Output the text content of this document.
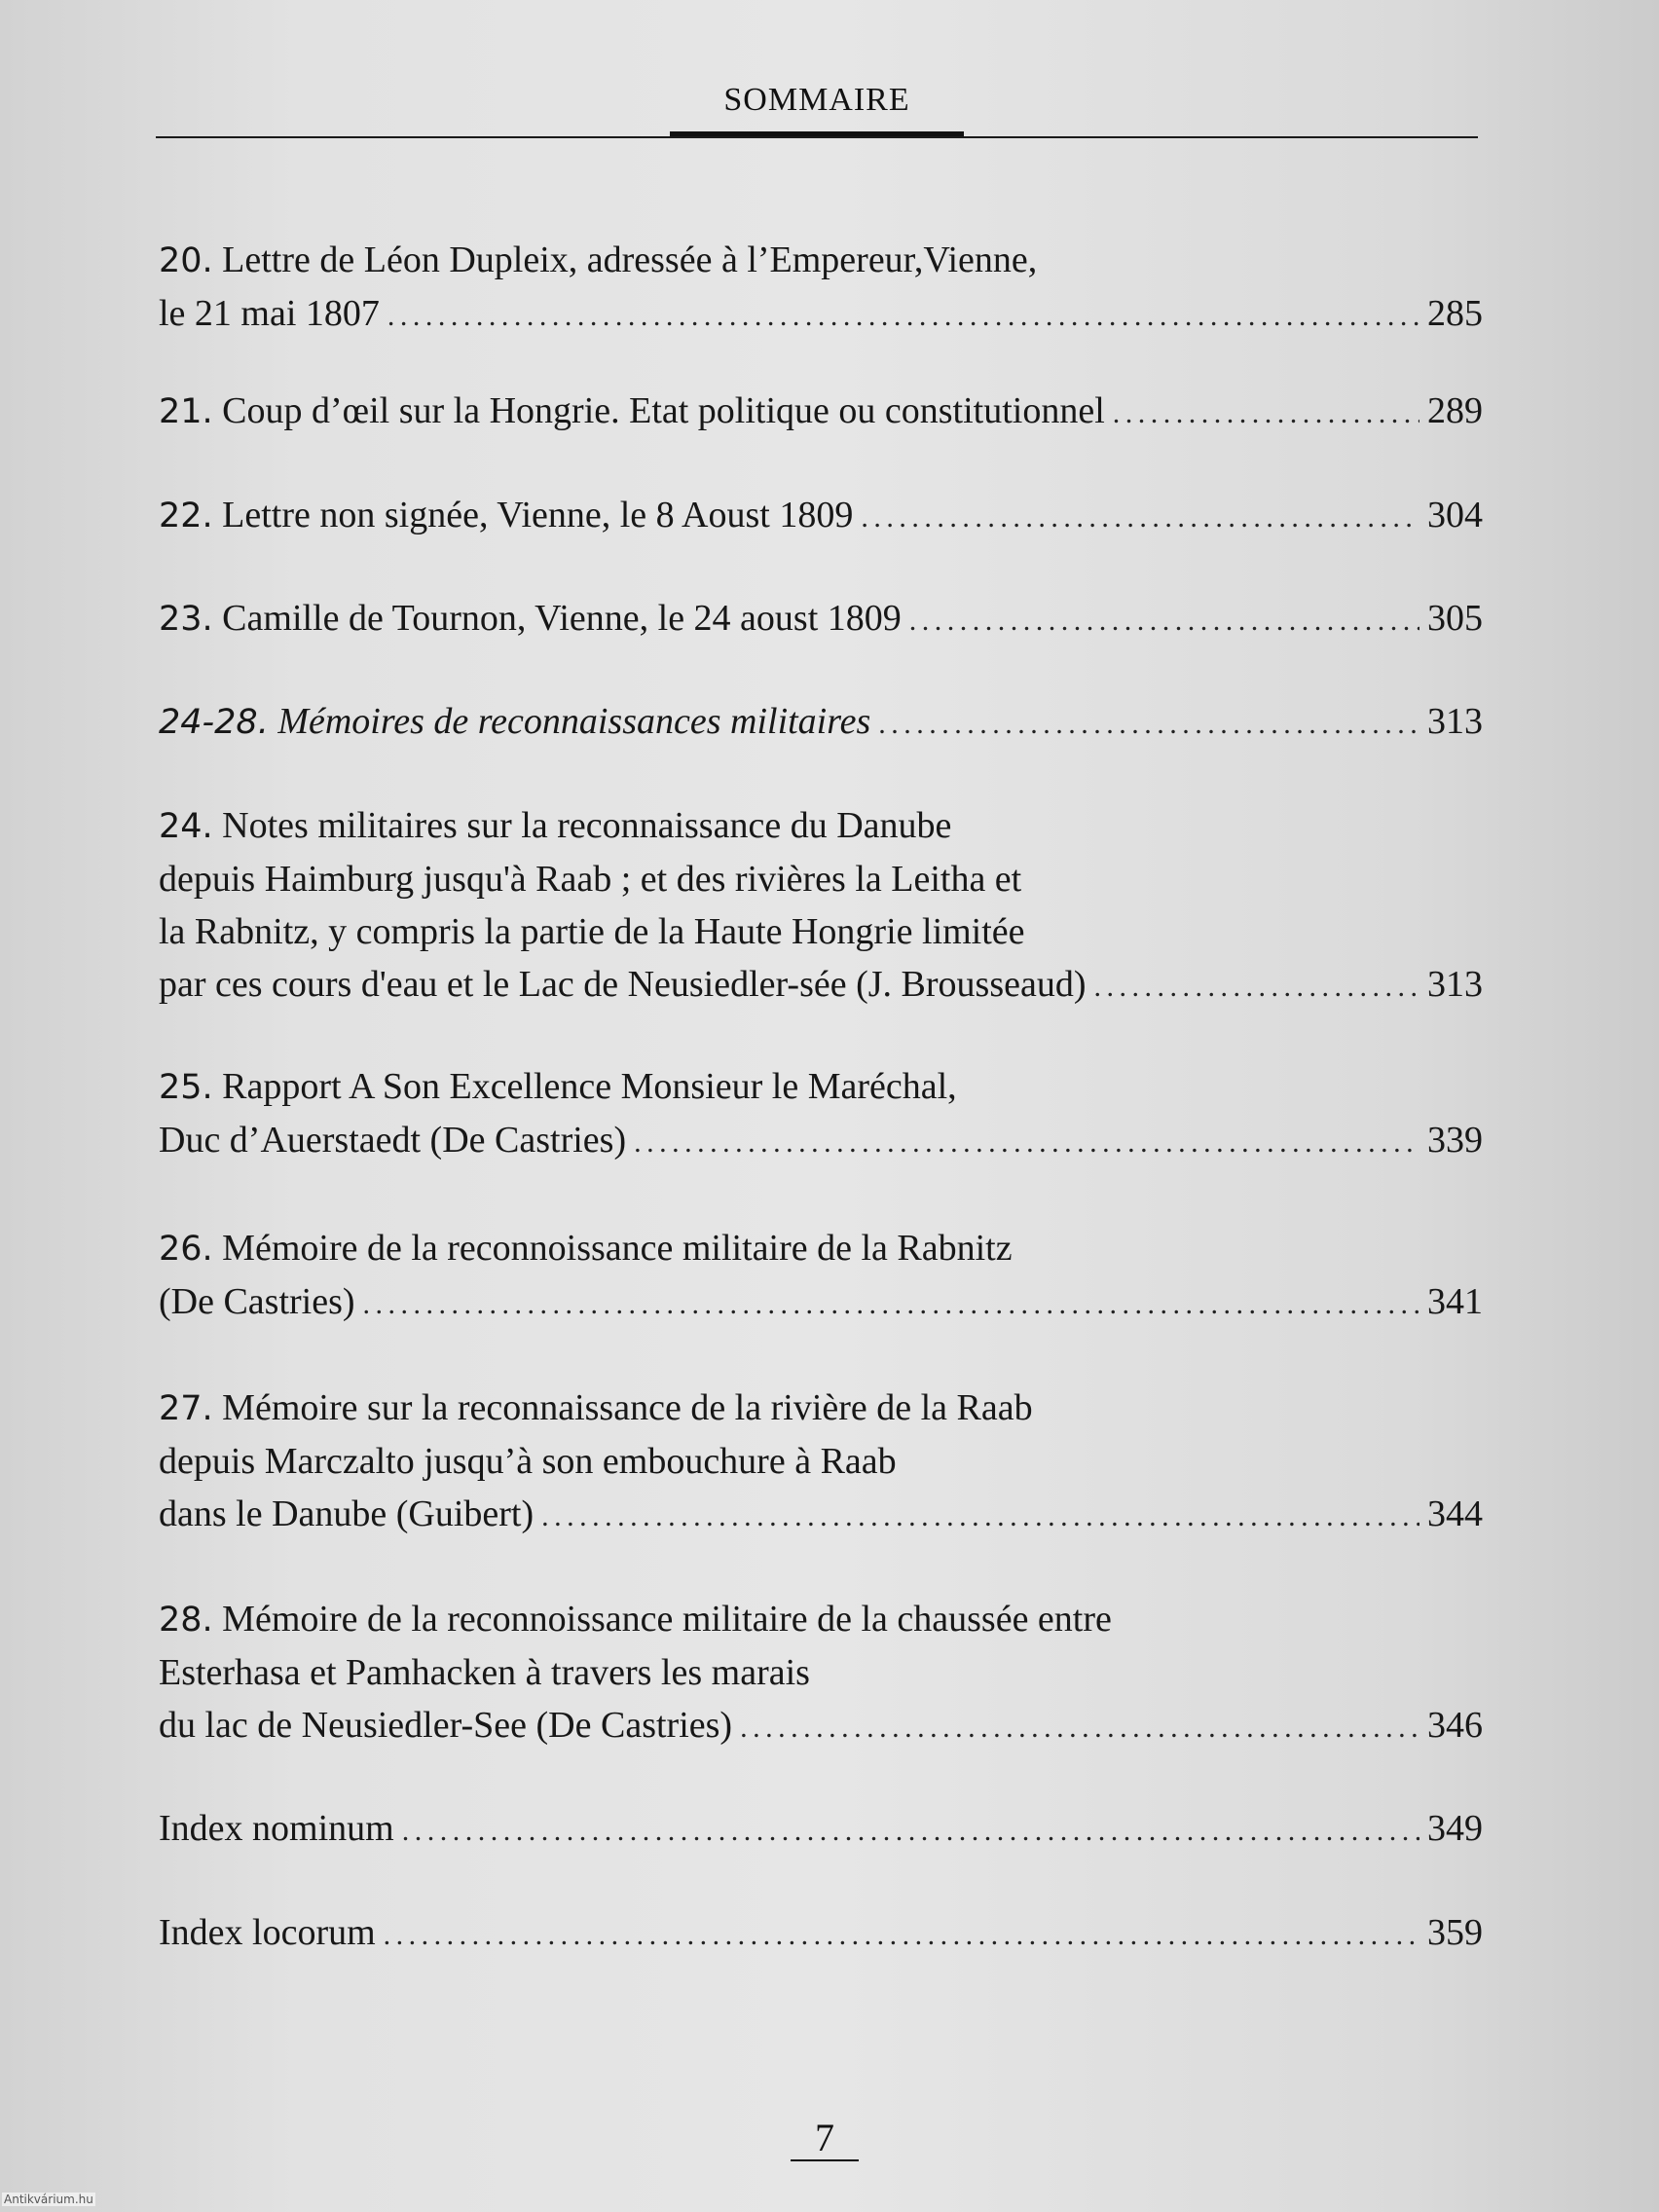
SOMMAIRE
20. Lettre de Léon Dupleix, adressée à l’Empereur,Vienne,
le 21 mai 1807 . . .	285
21.
Coup d’œil sur la Hongrie. Etat politique ou constitutionnel . . .	289
22.
Lettre non signée, Vienne, le 8 Aoust 1809 . . .	304
23.
Camille de Tournon, Vienne, le 24 aoust 1809 . . .	305
24-28.
Mémoires de reconnaissances militaires . . .	313
24. Notes militaires sur la reconnaissance du Danube
depuis Haimburg jusqu'à Raab ; et des rivières la Leitha et
la Rabnitz, y compris la partie de la Haute Hongrie limitée
par ces cours d'eau et le Lac de Neusiedler-sée (J. Brousseaud) . . .	313
25. Rapport A Son Excellence Monsieur le Maréchal,
Duc d’Auerstaedt (De Castries) . . .	339
26. Mémoire de la reconnoissance militaire de la Rabnitz
(De Castries) . . .	341
27. Mémoire sur la reconnaissance de la rivière de la Raab
depuis Marczalto jusqu’à son embouchure à Raab
dans le Danube (Guibert) . . .	344
28. Mémoire de la reconnoissance militaire de la chaussée entre
Esterhasa et Pamhacken à travers les marais
du lac de Neusiedler-See (De Castries) . . .	346
Index nominum . . .	349
Index locorum . . .	359
7
Antikvárium.hu
